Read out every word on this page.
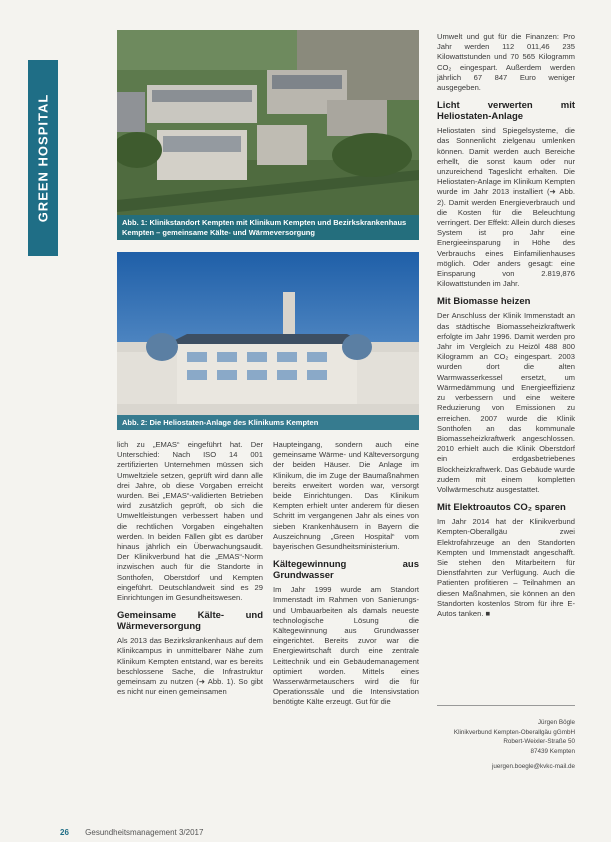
GREEN HOSPITAL
Abb. 1: Klinikstandort Kempten mit Klinikum Kempten und Bezirkskrankenhaus Kempten – gemeinsame Kälte- und Wärmeversorgung
Abb. 2: Die Heliostaten-Anlage des Klinikums Kempten

lich zu „EMAS“ eingeführt hat. Der Unterschied: Nach ISO 14 001 zertifizierten Unternehmen müssen sich Umweltziele setzen, geprüft wird dann alle drei Jahre, ob diese Vorgaben erreicht wurden. Bei „EMAS“-validierten Betrieben wird zusätzlich geprüft, ob sich die Umweltleistungen verbessert haben und die rechtlichen Vorgaben eingehalten werden. In beiden Fällen gibt es darüber hinaus jährlich ein Überwachungsaudit. Der Klinikverbund hat die „EMAS“-Norm inzwischen auch für die Standorte in Sonthofen, Oberstdorf und Kempten eingeführt. Deutschlandweit sind es 29 Einrichtungen im Gesundheitswesen.

Gemeinsame Kälte- und Wärmeversorgung

Als 2013 das Bezirkskrankenhaus auf dem Klinikcampus in unmittelbarer Nähe zum Klinikum Kempten entstand, war es bereits beschlossene Sache, die Infrastruktur gemeinsam zu nutzen (➜ Abb. 1). So gibt es nicht nur einen gemeinsamen

Haupteingang, sondern auch eine gemeinsame Wärme- und Kälteversorgung der beiden Häuser. Die Anlage im Klinikum, die im Zuge der Baumaßnahmen bereits erweitert worden war, versorgt beide Einrichtungen. Das Klinikum Kempten erhielt unter anderem für diesen Schritt im vergangenen Jahr als eines von sieben Krankenhäusern in Bayern die Auszeichnung „Green Hospital“ vom bayerischen Gesundheitsministerium.

Kältegewinnung aus Grundwasser

Im Jahr 1999 wurde am Standort Immenstadt im Rahmen von Sanierungs- und Umbauarbeiten als damals neueste technologische Lösung die Kältegewinnung aus Grundwasser eingerichtet. Bereits zuvor war die Energiewirtschaft durch eine zentrale Leittechnik und ein Gebäudemanagement optimiert worden. Mittels eines Wasserwärmetauschers wird die für Operationssäle und die Intensivstation benötigte Kälte erzeugt. Gut für die

Umwelt und gut für die Finanzen: Pro Jahr werden 112 011,46 235 Kilowattstunden und 70 565 Kilogramm CO₂ eingespart. Außerdem werden jährlich 67 847 Euro weniger ausgegeben.

Licht verwerten mit Heliostaten-Anlage

Heliostaten sind Spiegelsysteme, die das Sonnenlicht zielgenau umlenken können. Damit werden auch Bereiche erhellt, die sonst kaum oder nur unzureichend Tageslicht erhalten. Die Heliostaten-Anlage im Klinikum Kempten wurde im Jahr 2013 installiert (➜ Abb. 2). Damit werden Energieverbrauch und die Kosten für die Beleuchtung verringert. Der Effekt: Allein durch dieses System ist pro Jahr eine Energieeinsparung in Höhe des Verbrauchs eines Einfamilienhauses möglich. Oder anders gesagt: eine Einsparung von 2.819,876 Kilowattstunden im Jahr.

Mit Biomasse heizen

Der Anschluss der Klinik Immenstadt an das städtische Biomasseheizkraftwerk erfolgte im Jahr 1996. Damit werden pro Jahr im Vergleich zu Heizöl 488 800 Kilogramm an CO₂ eingespart. 2003 wurden dort die alten Warmwasserkessel ersetzt, um Wärmedämmung und Energieeffizienz zu verbessern und eine weitere Reduzierung von Emissionen zu erreichen. 2007 wurde die Klinik Sonthofen an das kommunale Biomasseheizkraftwerk angeschlossen. 2010 erhielt auch die Klinik Oberstdorf ein erdgasbetriebenes Blockheizkraftwerk. Das Gebäude wurde zudem mit einem kompletten Vollwärmeschutz ausgestattet.

Mit Elektroautos CO₂ sparen

Im Jahr 2014 hat der Klinikverbund Kempten-Oberallgäu zwei Elektrofahrzeuge an den Standorten Kempten und Immenstadt angeschafft. Sie stehen den Mitarbeitern für Dienstfahrten zur Verfügung. Auch die Patienten profitieren – Teilnahmen an diesen Maßnahmen, sie können an den Standorten kostenlos Strom für ihre E-Autos tanken. ■

Jürgen Bögle
Klinikverbund Kempten-Oberallgäu gGmbH
Robert-Weixler-Straße 50
87439 Kempten
juergen.boegle@kvkc-mail.de
26 Gesundheitsmanagement 3/2017
